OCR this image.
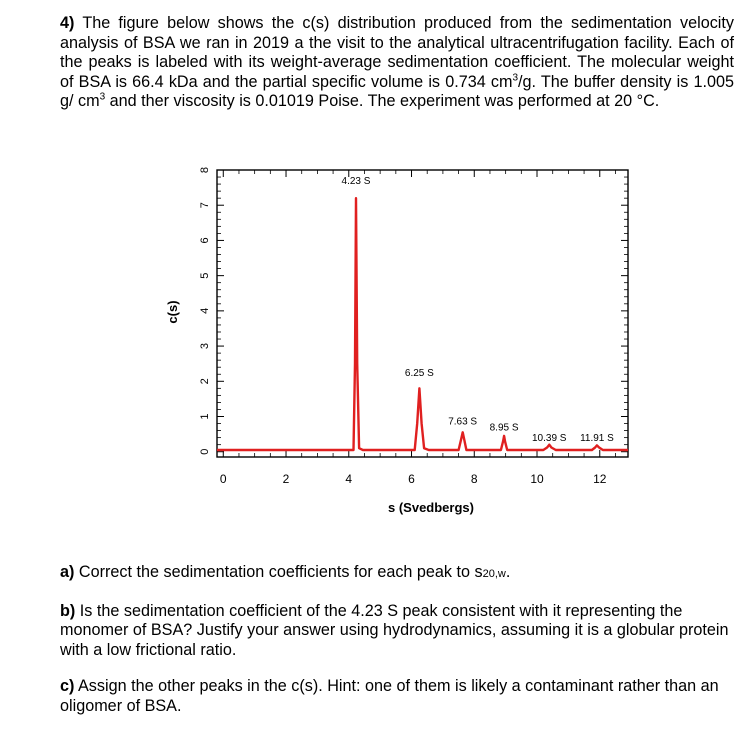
4) The figure below shows the c(s) distribution produced from the sedimentation velocity analysis of BSA we ran in 2019 a the visit to the analytical ultracentrifugation facility. Each of the peaks is labeled with its weight-average sedimentation coefficient. The molecular weight of BSA is 66.4 kDa and the partial specific volume is 0.734 $cm^3/g$. The buffer density is 1.005 g/ $cm^3$ and ther viscosity is 0.01019 Poise. The experiment was performed at 20 °C.
0	2	4	6	8	10	12
0
1
2
3
4
5
6
7
8
4.23 S
6.25 S
7.63 S
8.95 S
10.39 S 11.91 S
s (Svedbergs)
c(s)

a) Correct the sedimentation coefficients for each peak to s20,w.

b) Is the sedimentation coefficient of the 4.23 S peak consistent with it representing the monomer of BSA? Justify your answer using hydrodynamics, assuming it is a globular protein with a low frictional ratio.

c) Assign the other peaks in the c(s). Hint: one of them is likely a contaminant rather than an oligomer of BSA.
